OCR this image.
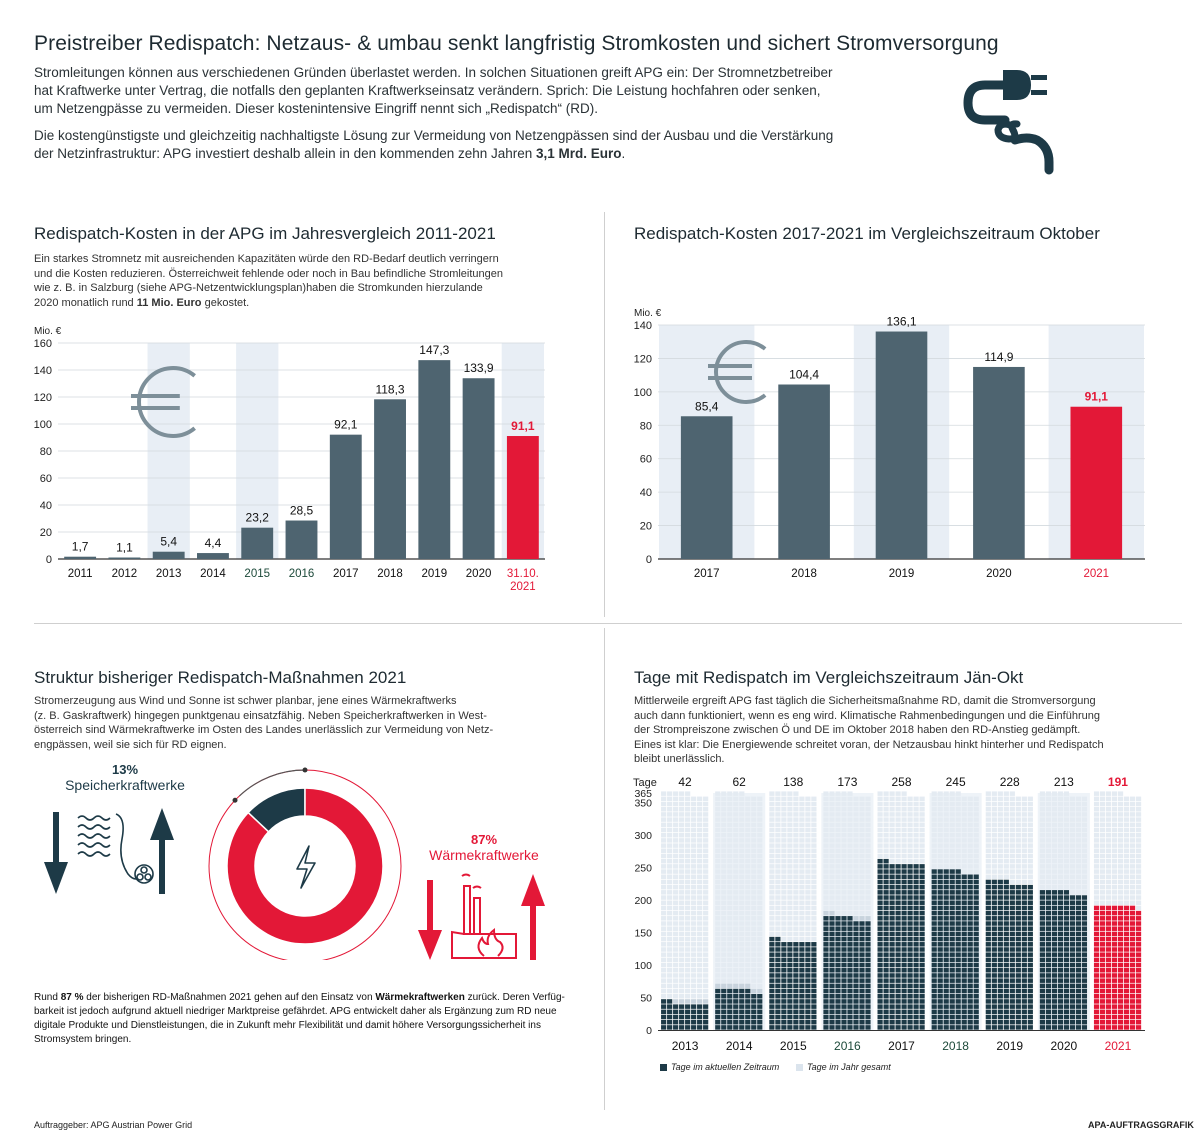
Preistreiber Redispatch: Netzaus- & umbau senkt langfristig Stromkosten und sichert Stromversorgung
Stromleitungen können aus verschiedenen Gründen überlastet werden. In solchen Situationen greift APG ein: Der Stromnetzbetreiber
hat Kraftwerke unter Vertrag, die notfalls den geplanten Kraftwerkseinsatz verändern. Sprich: Die Leistung hochfahren oder senken,
um Netzengpässe zu vermeiden. Dieser kostenintensive Eingriff nennt sich „Redispatch“ (RD).
Die kostengünstigste und gleichzeitig nachhaltigste Lösung zur Vermeidung von Netzengpässen sind der Ausbau und die Verstärkung
der Netzinfrastruktur: APG investiert deshalb allein in den kommenden zehn Jahren 3,1 Mrd. Euro.
Redispatch-Kosten in der APG im Jahresvergleich 2011-2021
Ein starkes Stromnetz mit ausreichenden Kapazitäten würde den RD-Bedarf deutlich verringern
und die Kosten reduzieren. Österreichweit fehlende oder noch in Bau befindliche Stromleitungen
wie z. B. in Salzburg (siehe APG-Netzentwicklungsplan)haben die Stromkunden hierzulande
2020 monatlich rund 11 Mio. Euro gekostet.
0
20
40
60
80
100
120
140
160
Mio. €
1,7
2011
1,1
2012
5,4
2013
4,4
2014
23,2
2015
28,5
2016
92,1
2017
118,3
2018
147,3
2019
133,9
2020
91,1
31.10. 2021
Redispatch-Kosten 2017-2021 im Vergleichszeitraum Oktober
0
20
40
60
80
100
120
140
Mio. €
85,4
2017
104,4
2018
136,1
2019
114,9
2020
91,1
2021
Struktur bisheriger Redispatch-Maßnahmen 2021
Stromerzeugung aus Wind und Sonne ist schwer planbar, jene eines Wärmekraftwerks
(z. B. Gaskraftwerk) hingegen punktgenau einsatzfähig. Neben Speicherkraftwerken in West-
österreich sind Wärmekraftwerke im Osten des Landes unerlässlich zur Vermeidung von Netz-
engpässen, weil sie sich für RD eignen.
13%
Speicherkraftwerke
87%
Wärmekraftwerke
Rund 87 % der bisherigen RD-Maßnahmen 2021 gehen auf den Einsatz von Wärmekraftwerken zurück. Deren Verfüg-
barkeit ist jedoch aufgrund aktuell niedriger Marktpreise gefährdet. APG entwickelt daher als Ergänzung zum RD neue
digitale Produkte und Dienstleistungen, die in Zukunft mehr Flexibilität und damit höhere Versorgungssicherheit ins
Stromsystem bringen.
Tage mit Redispatch im Vergleichszeitraum Jän-Okt
Mittlerweile ergreift APG fast täglich die Sicherheitsmaßnahme RD, damit die Stromversorgung
auch dann funktioniert, wenn es eng wird. Klimatische Rahmenbedingungen und die Einführung
der Strompreiszone zwischen Ö und DE im Oktober 2018 haben den RD-Anstieg gedämpft.
Eines ist klar: Die Energiewende schreitet voran, der Netzausbau hinkt hinterher und Redispatch
bleibt unerlässlich.
Tage
365
0
50
100
150
200
250
300
350
42
2013
62
2014
138
2015
173
2016
258
2017
245
2018
228
2019
213
2020
191
2021
Tage im aktuellen Zeitraum	Tage im Jahr gesamt
Auftraggeber: APG Austrian Power Grid	APA-AUFTRAGSGRAFIK
